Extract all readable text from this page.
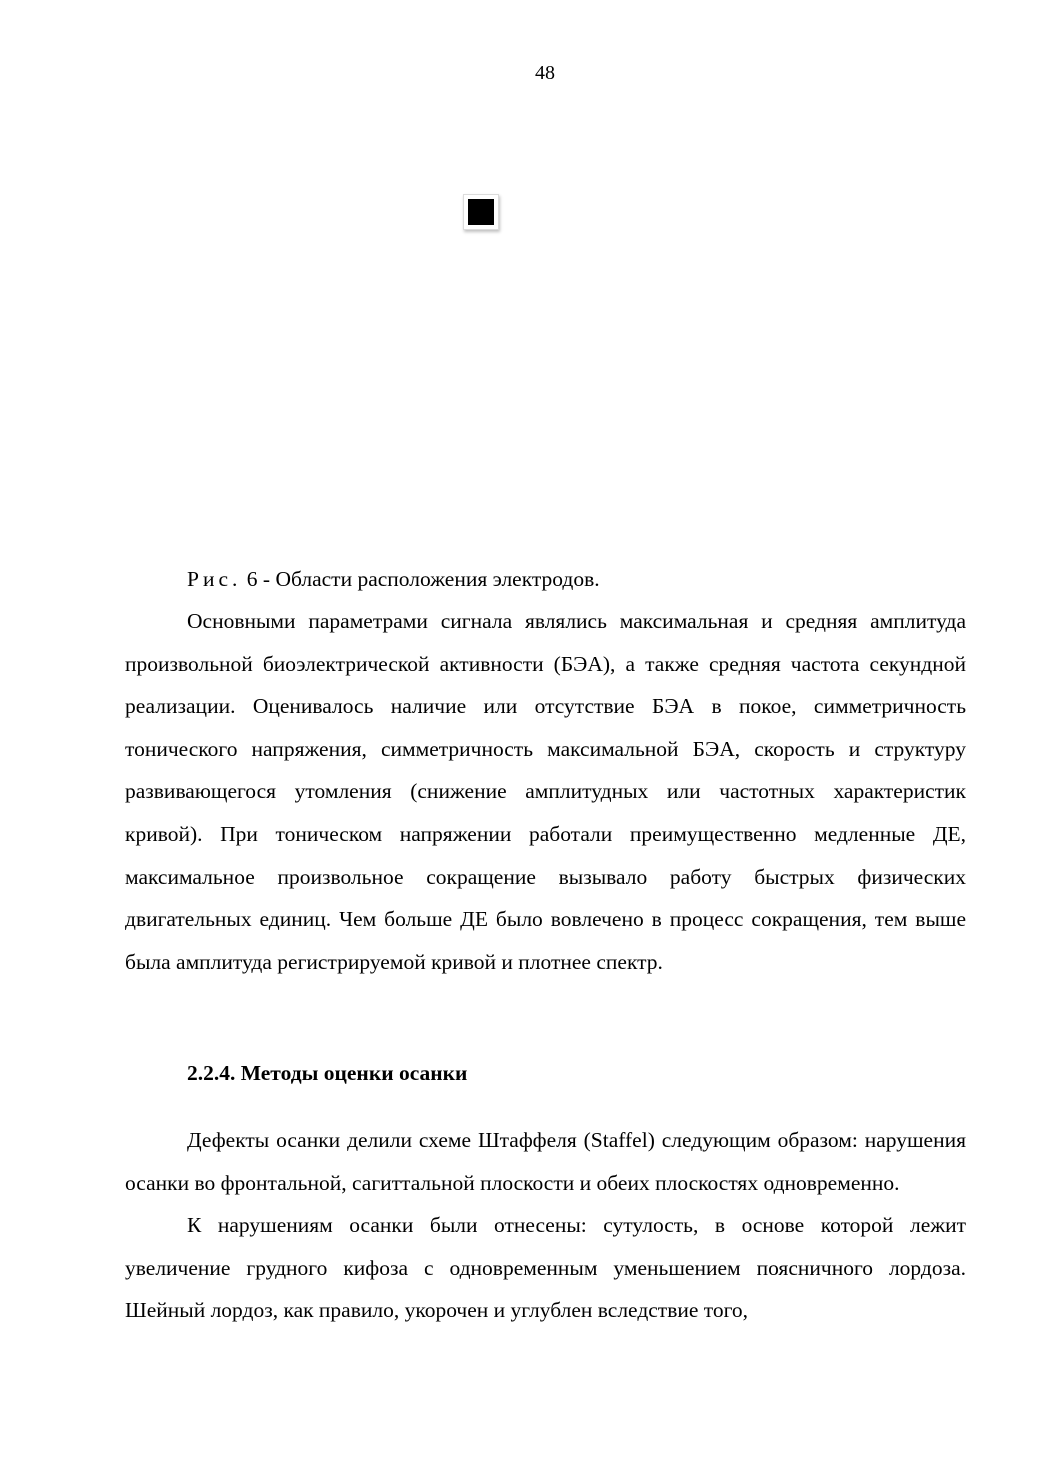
48
Рис. 6 - Области расположения электродов.

Основными параметрами сигнала являлись максимальная и средняя амплитуда произвольной биоэлектрической активности (БЭА), а также средняя частота секундной реализации. Оценивалось наличие или отсутствие БЭА в покое, симметричность тонического напряжения, симметричность максимальной БЭА, скорость и структуру развивающегося утомления (снижение амплитудных или частотных характеристик кривой). При тоническом напряжении работали преимущественно медленные ДЕ, максимальное произвольное сокращение вызывало работу быстрых физических двигательных единиц. Чем больше ДЕ было вовлечено в процесс сокращения, тем выше была амплитуда регистрируемой кривой и плотнее спектр.

2.2.4. Методы оценки осанки

Дефекты осанки делили схеме Штаффеля (Staffel) следующим образом: нарушения осанки во фронтальной, сагиттальной плоскости и обеих плоскостях одновременно.

К нарушениям осанки были отнесены: сутулость, в основе которой лежит увеличение грудного кифоза с одновременным уменьшением поясничного лордоза. Шейный лордоз, как правило, укорочен и углублен вследствие того,
